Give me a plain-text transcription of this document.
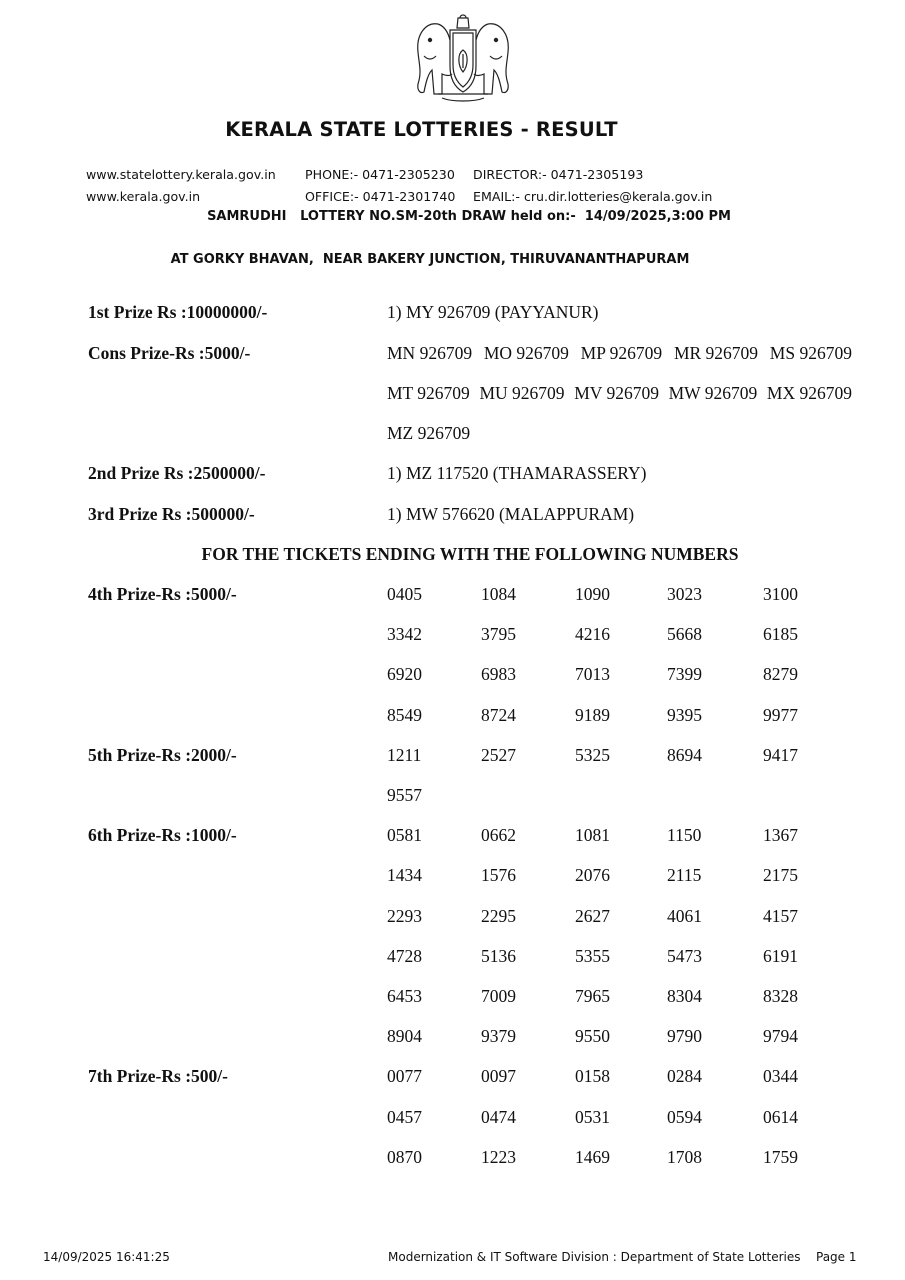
KERALA STATE LOTTERIES - RESULT
www.statelottery.kerala.gov.in
www.kerala.gov.in
PHONE:- 0471-2305230
OFFICE:- 0471-2301740
DIRECTOR:- 0471-2305193
EMAIL:- cru.dir.lotteries@kerala.gov.in
SAMRUDHI   LOTTERY NO.SM-20th DRAW held on:-  14/09/2025,3:00 PM
AT GORKY BHAVAN,  NEAR BAKERY JUNCTION, THIRUVANANTHAPURAM
1st Prize Rs :10000000/-	1) MY 926709 (PAYYANUR)
Cons Prize-Rs :5000/-	MN 926709 MO 926709 MP 926709 MR 926709 MS 926709
MT 926709 MU 926709 MV 926709 MW 926709 MX 926709
MZ 926709
2nd Prize Rs :2500000/-	1) MZ 117520 (THAMARASSERY)
3rd Prize Rs :500000/-	1) MW 576620 (MALAPPURAM)
FOR THE TICKETS ENDING WITH THE FOLLOWING NUMBERS
4th Prize-Rs :5000/-	0405	1084	1090	3023	3100
3342	3795	4216	5668	6185
6920	6983	7013	7399	8279
8549	8724	9189	9395	9977
5th Prize-Rs :2000/-	1211	2527	5325	8694	9417
9557
6th Prize-Rs :1000/-	0581	0662	1081	1150	1367
1434	1576	2076	2115	2175
2293	2295	2627	4061	4157
4728	5136	5355	5473	6191
6453	7009	7965	8304	8328
8904	9379	9550	9790	9794
7th Prize-Rs :500/-	0077	0097	0158	0284	0344
0457	0474	0531	0594	0614
0870	1223	1469	1708	1759
14/09/2025 16:41:25	Modernization & IT Software Division : Department of State Lotteries Page 1
